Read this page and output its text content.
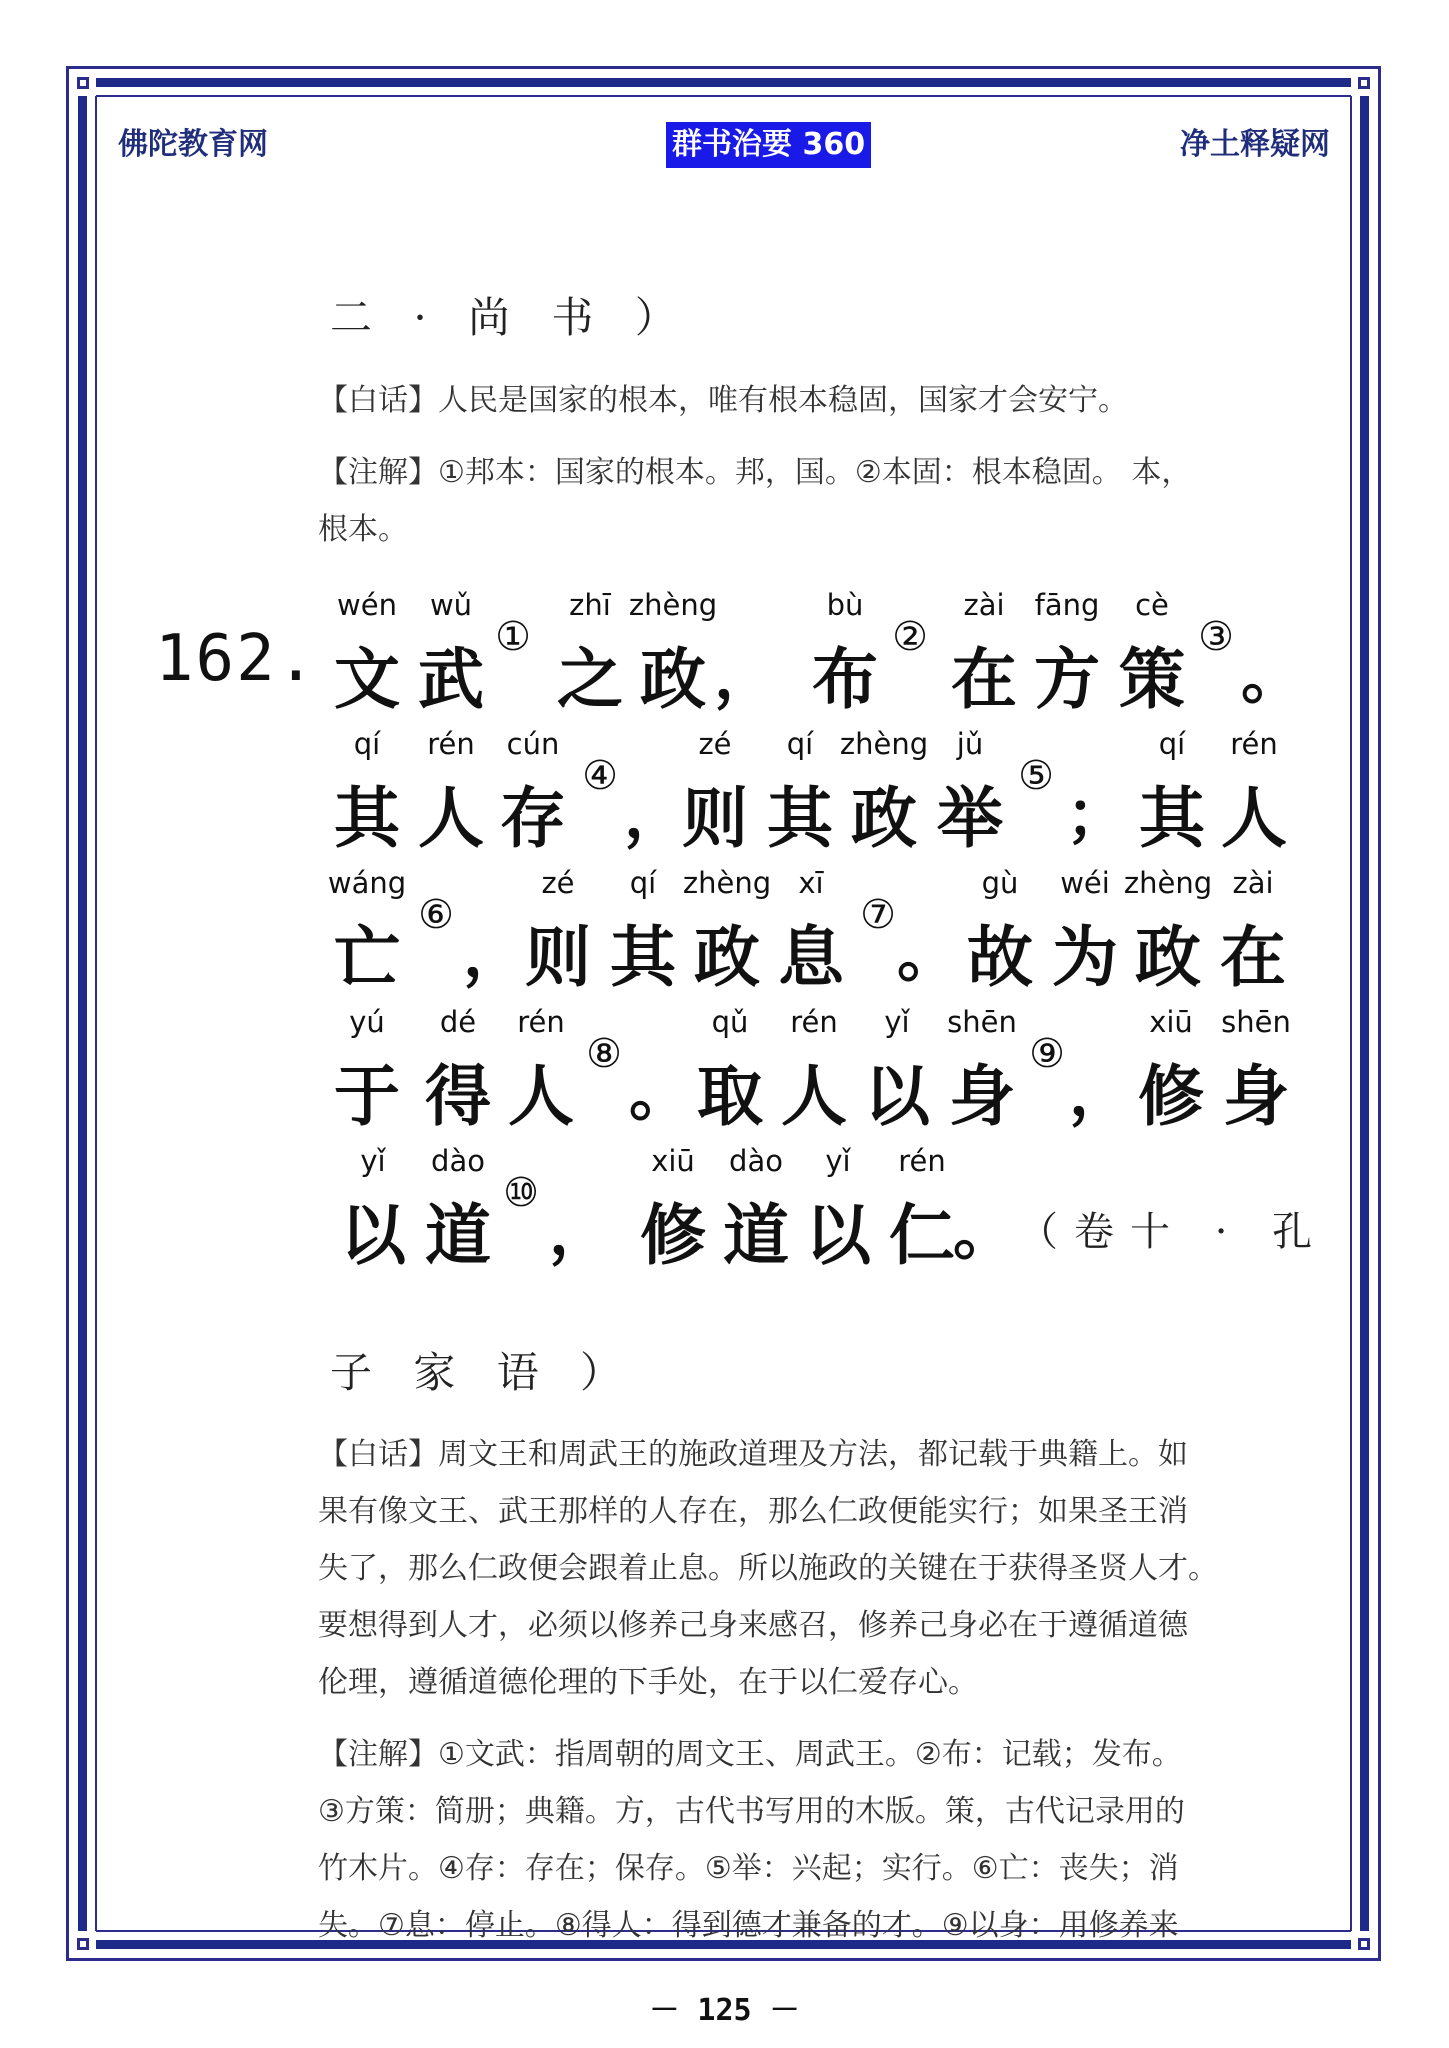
佛陀教育网	群书治要 360	净土释疑网
二 · 尚 书 ）
【白话】人民是国家的根本，唯有根本稳固，国家才会安宁。
【注解】①邦本：国家的根本。邦，国。②本固：根本稳固。 本，
根本。
162.
wén wǔ	zhī zhèng	bù	zài fāng cè
文 武
①
之 政 ， 布
②
在 方 策
③
。
qí rén cún	zé qí zhèng jǔ	qí rén
其 人 存
④
，
则 其 政 举
⑤
； 其 人
wáng	zé qí zhèng xī	gù wéi zhèng zài
亡
⑥
， 则 其 政 息
⑦
。 故 为 政 在
yú dé rén	qǔ rén yǐ shēn	xiū shēn
于 得 人
⑧
。 取 人 以 身
⑨
， 修 身
yǐ dào	xiū dào yǐ rén
以 道
⑩
， 修 道 以 仁
。 （卷十 · 孔
子 家 语 ）
【白话】周文王和周武王的施政道理及方法，都记载于典籍上。如
果有像文王、武王那样的人存在，那么仁政便能实行；如果圣王消
失了，那么仁政便会跟着止息。所以施政的关键在于获得圣贤人才。
要想得到人才，必须以修养己身来感召，修养己身必在于遵循道德
伦理，遵循道德伦理的下手处，在于以仁爱存心。
【注解】①文武：指周朝的周文王、周武王。②布：记载；发布。
③方策：简册；典籍。方，古代书写用的木版。策，古代记录用的
竹木片。④存：存在；保存。⑤举：兴起；实行。⑥亡：丧失；消
失。⑦息：停止。⑧得人：得到德才兼备的才。⑨以身：用修养来
－ 125 －
